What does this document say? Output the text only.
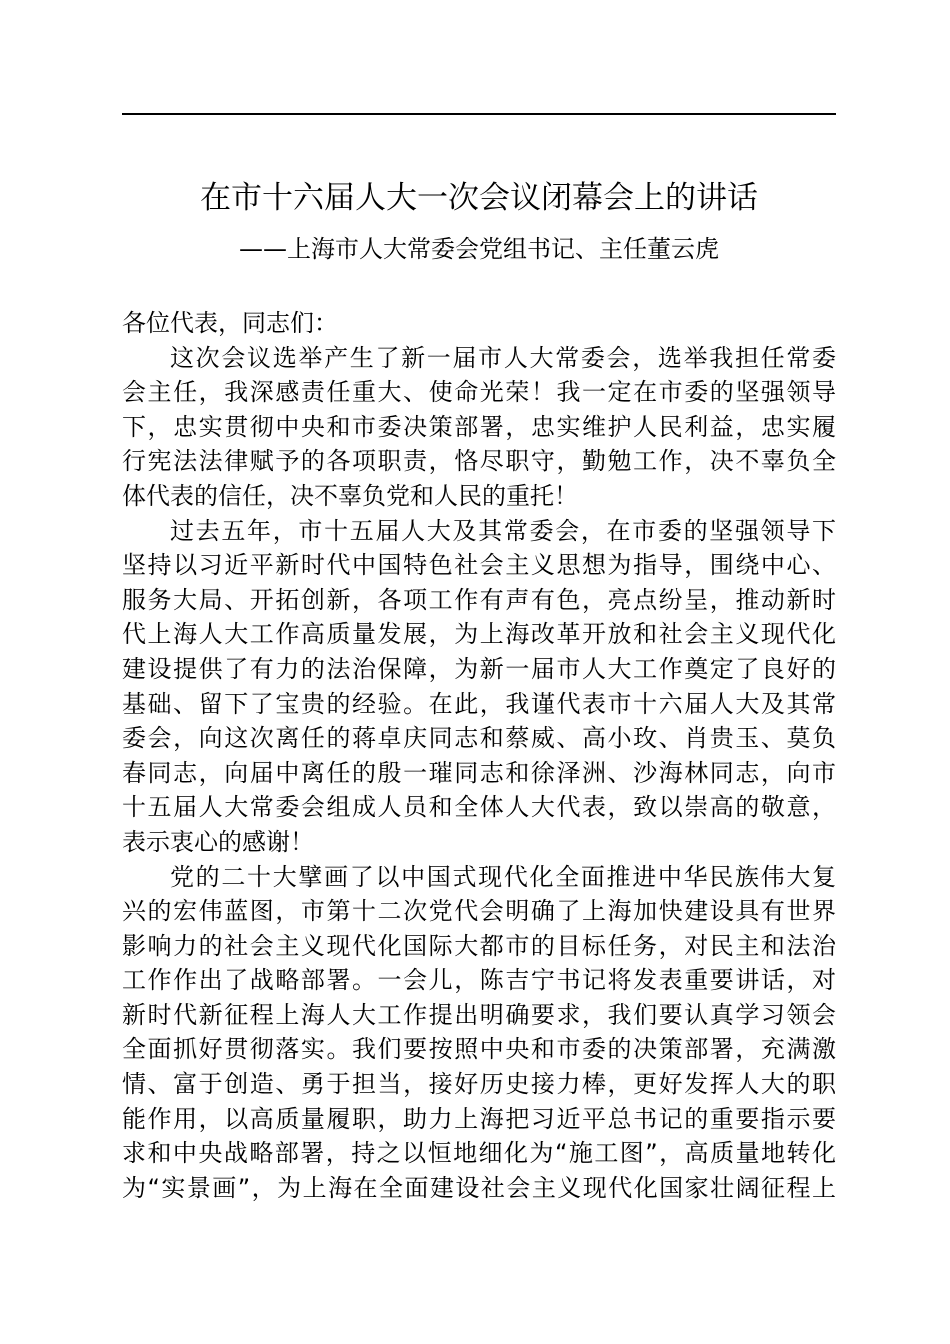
在市十六届人大一次会议闭幕会上的讲话

——上海市人大常委会党组书记、主任董云虎

各位代表，同志们：

这次会议选举产生了新一届市人大常委会，选举我担任常委
会主任，我深感责任重大、使命光荣！我一定在市委的坚强领导
下，忠实贯彻中央和市委决策部署，忠实维护人民利益，忠实履
行宪法法律赋予的各项职责，恪尽职守，勤勉工作，决不辜负全
体代表的信任，决不辜负党和人民的重托！

过去五年，市十五届人大及其常委会，在市委的坚强领导下
坚持以习近平新时代中国特色社会主义思想为指导，围绕中心、
服务大局、开拓创新，各项工作有声有色，亮点纷呈，推动新时
代上海人大工作高质量发展，为上海改革开放和社会主义现代化
建设提供了有力的法治保障，为新一届市人大工作奠定了良好的
基础、留下了宝贵的经验。在此，我谨代表市十六届人大及其常
委会，向这次离任的蒋卓庆同志和蔡威、高小玫、肖贵玉、莫负
春同志，向届中离任的殷一璀同志和徐泽洲、沙海林同志，向市
十五届人大常委会组成人员和全体人大代表，致以崇高的敬意，
表示衷心的感谢！

党的二十大擘画了以中国式现代化全面推进中华民族伟大复
兴的宏伟蓝图，市第十二次党代会明确了上海加快建设具有世界
影响力的社会主义现代化国际大都市的目标任务，对民主和法治
工作作出了战略部署。一会儿，陈吉宁书记将发表重要讲话，对
新时代新征程上海人大工作提出明确要求，我们要认真学习领会
全面抓好贯彻落实。我们要按照中央和市委的决策部署，充满激
情、富于创造、勇于担当，接好历史接力棒，更好发挥人大的职
能作用，以高质量履职，助力上海把习近平总书记的重要指示要
求和中央战略部署，持之以恒地细化为“施工图”，高质量地转化
为“实景画”，为上海在全面建设社会主义现代化国家壮阔征程上
